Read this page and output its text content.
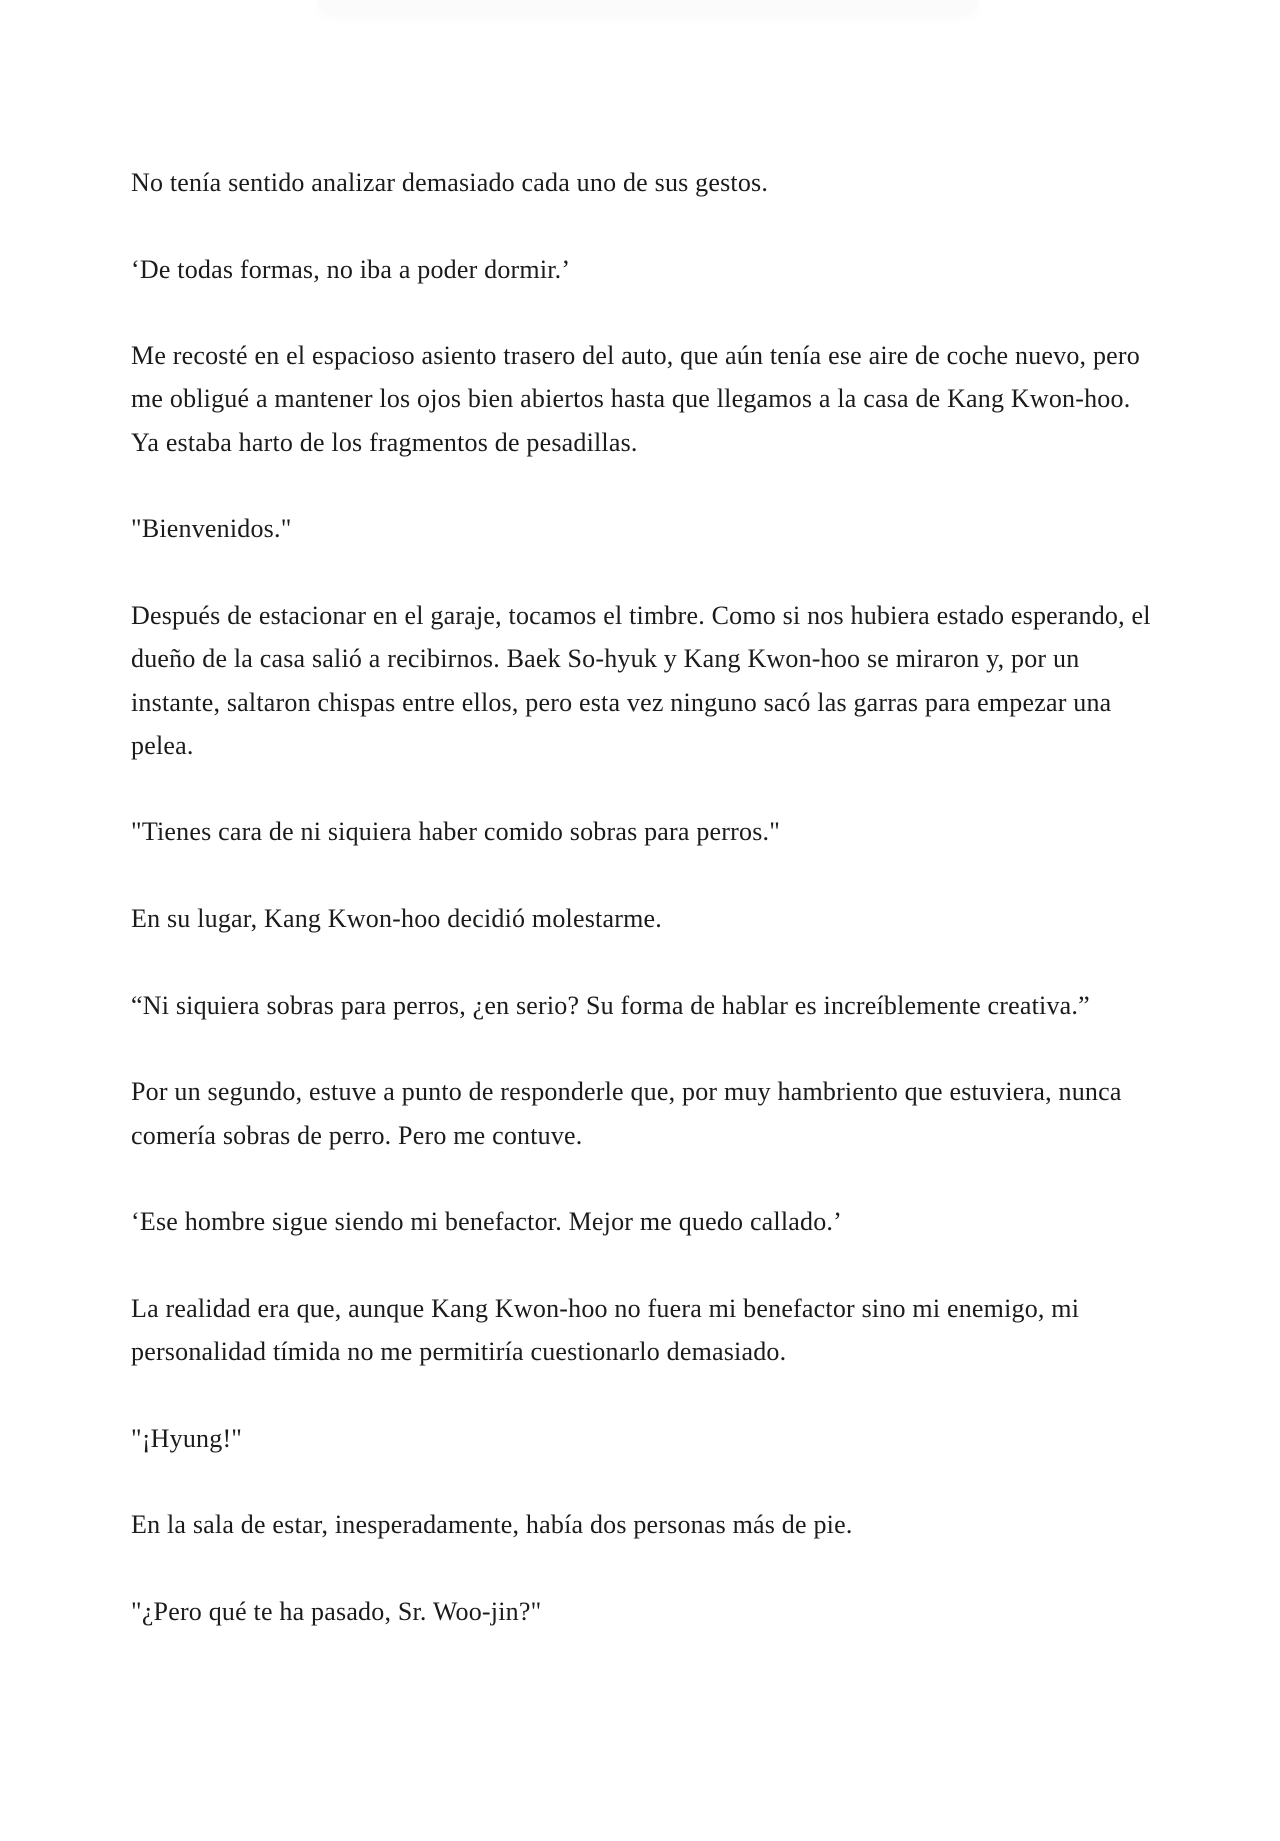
No tenía sentido analizar demasiado cada uno de sus gestos.

‘De todas formas, no iba a poder dormir.’

Me recosté en el espacioso asiento trasero del auto, que aún tenía ese aire de coche nuevo, pero me obligué a mantener los ojos bien abiertos hasta que llegamos a la casa de Kang Kwon-hoo. Ya estaba harto de los fragmentos de pesadillas.

"Bienvenidos."

Después de estacionar en el garaje, tocamos el timbre. Como si nos hubiera estado esperando, el dueño de la casa salió a recibirnos. Baek So-hyuk y Kang Kwon-hoo se miraron y, por un instante, saltaron chispas entre ellos, pero esta vez ninguno sacó las garras para empezar una pelea.

"Tienes cara de ni siquiera haber comido sobras para perros."

En su lugar, Kang Kwon-hoo decidió molestarme.

“Ni siquiera sobras para perros, ¿en serio? Su forma de hablar es increíblemente creativa.”

Por un segundo, estuve a punto de responderle que, por muy hambriento que estuviera, nunca comería sobras de perro. Pero me contuve.

‘Ese hombre sigue siendo mi benefactor. Mejor me quedo callado.’

La realidad era que, aunque Kang Kwon-hoo no fuera mi benefactor sino mi enemigo, mi personalidad tímida no me permitiría cuestionarlo demasiado.

"¡Hyung!"

En la sala de estar, inesperadamente, había dos personas más de pie.

"¿Pero qué te ha pasado, Sr. Woo-jin?"
